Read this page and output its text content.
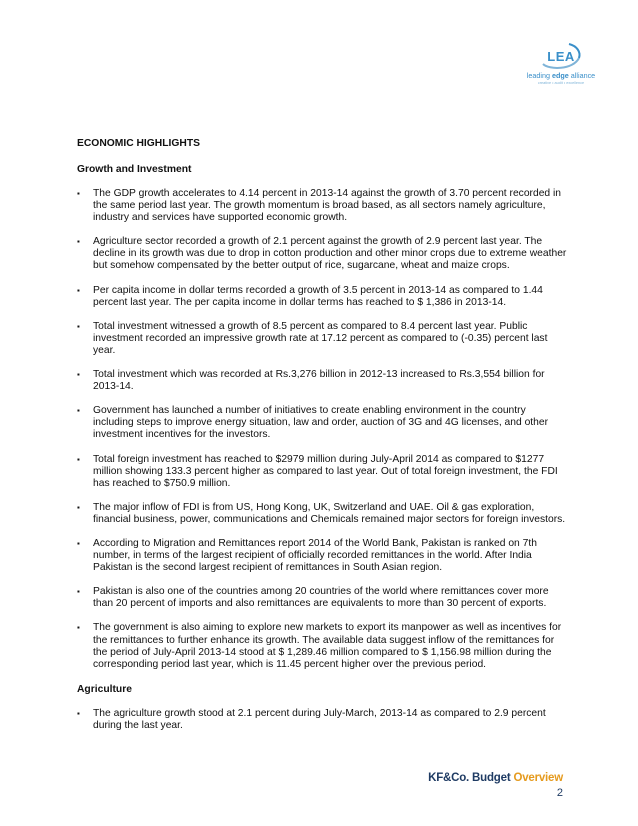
LEA
leading edge alliance
creative • audit • excellence
ECONOMIC HIGHLIGHTS
Growth and Investment
▪ The GDP growth accelerates to 4.14 percent in 2013-14 against the growth of 3.70 percent recorded in the same period last year. The growth momentum is broad based, as all sectors namely agriculture, industry and services have supported economic growth.
▪ Agriculture sector recorded a growth of 2.1 percent against the growth of 2.9 percent last year. The decline in its growth was due to drop in cotton production and other minor crops due to extreme weather but somehow compensated by the better output of rice, sugarcane, wheat and maize crops.
▪ Per capita income in dollar terms recorded a growth of 3.5 percent in 2013-14 as compared to 1.44 percent last year. The per capita income in dollar terms has reached to $ 1,386 in 2013-14.
▪ Total investment witnessed a growth of 8.5 percent as compared to 8.4 percent last year. Public investment recorded an impressive growth rate at 17.12 percent as compared to (-0.35) percent last year.
▪ Total investment which was recorded at Rs.3,276 billion in 2012-13 increased to Rs.3,554 billion for 2013-14.
▪ Government has launched a number of initiatives to create enabling environment in the country including steps to improve energy situation, law and order, auction of 3G and 4G licenses, and other investment incentives for the investors.
▪ Total foreign investment has reached to $2979 million during July-April 2014 as compared to $1277 million showing 133.3 percent higher as compared to last year. Out of total foreign investment, the FDI has reached to $750.9 million.
▪ The major inflow of FDI is from US, Hong Kong, UK, Switzerland and UAE. Oil & gas exploration, financial business, power, communications and Chemicals remained major sectors for foreign investors.
▪ According to Migration and Remittances report 2014 of the World Bank, Pakistan is ranked on 7th number, in terms of the largest recipient of officially recorded remittances in the world. After India Pakistan is the second largest recipient of remittances in South Asian region.
▪ Pakistan is also one of the countries among 20 countries of the world where remittances cover more than 20 percent of imports and also remittances are equivalents to more than 30 percent of exports.
▪ The government is also aiming to explore new markets to export its manpower as well as incentives for the remittances to further enhance its growth. The available data suggest inflow of the remittances for the period of July-April 2013-14 stood at $ 1,289.46 million compared to $ 1,156.98 million during the corresponding period last year, which is 11.45 percent higher over the previous period.
Agriculture
▪ The agriculture growth stood at 2.1 percent during July-March, 2013-14 as compared to 2.9 percent during the last year.
KF&Co. Budget Overview
2
